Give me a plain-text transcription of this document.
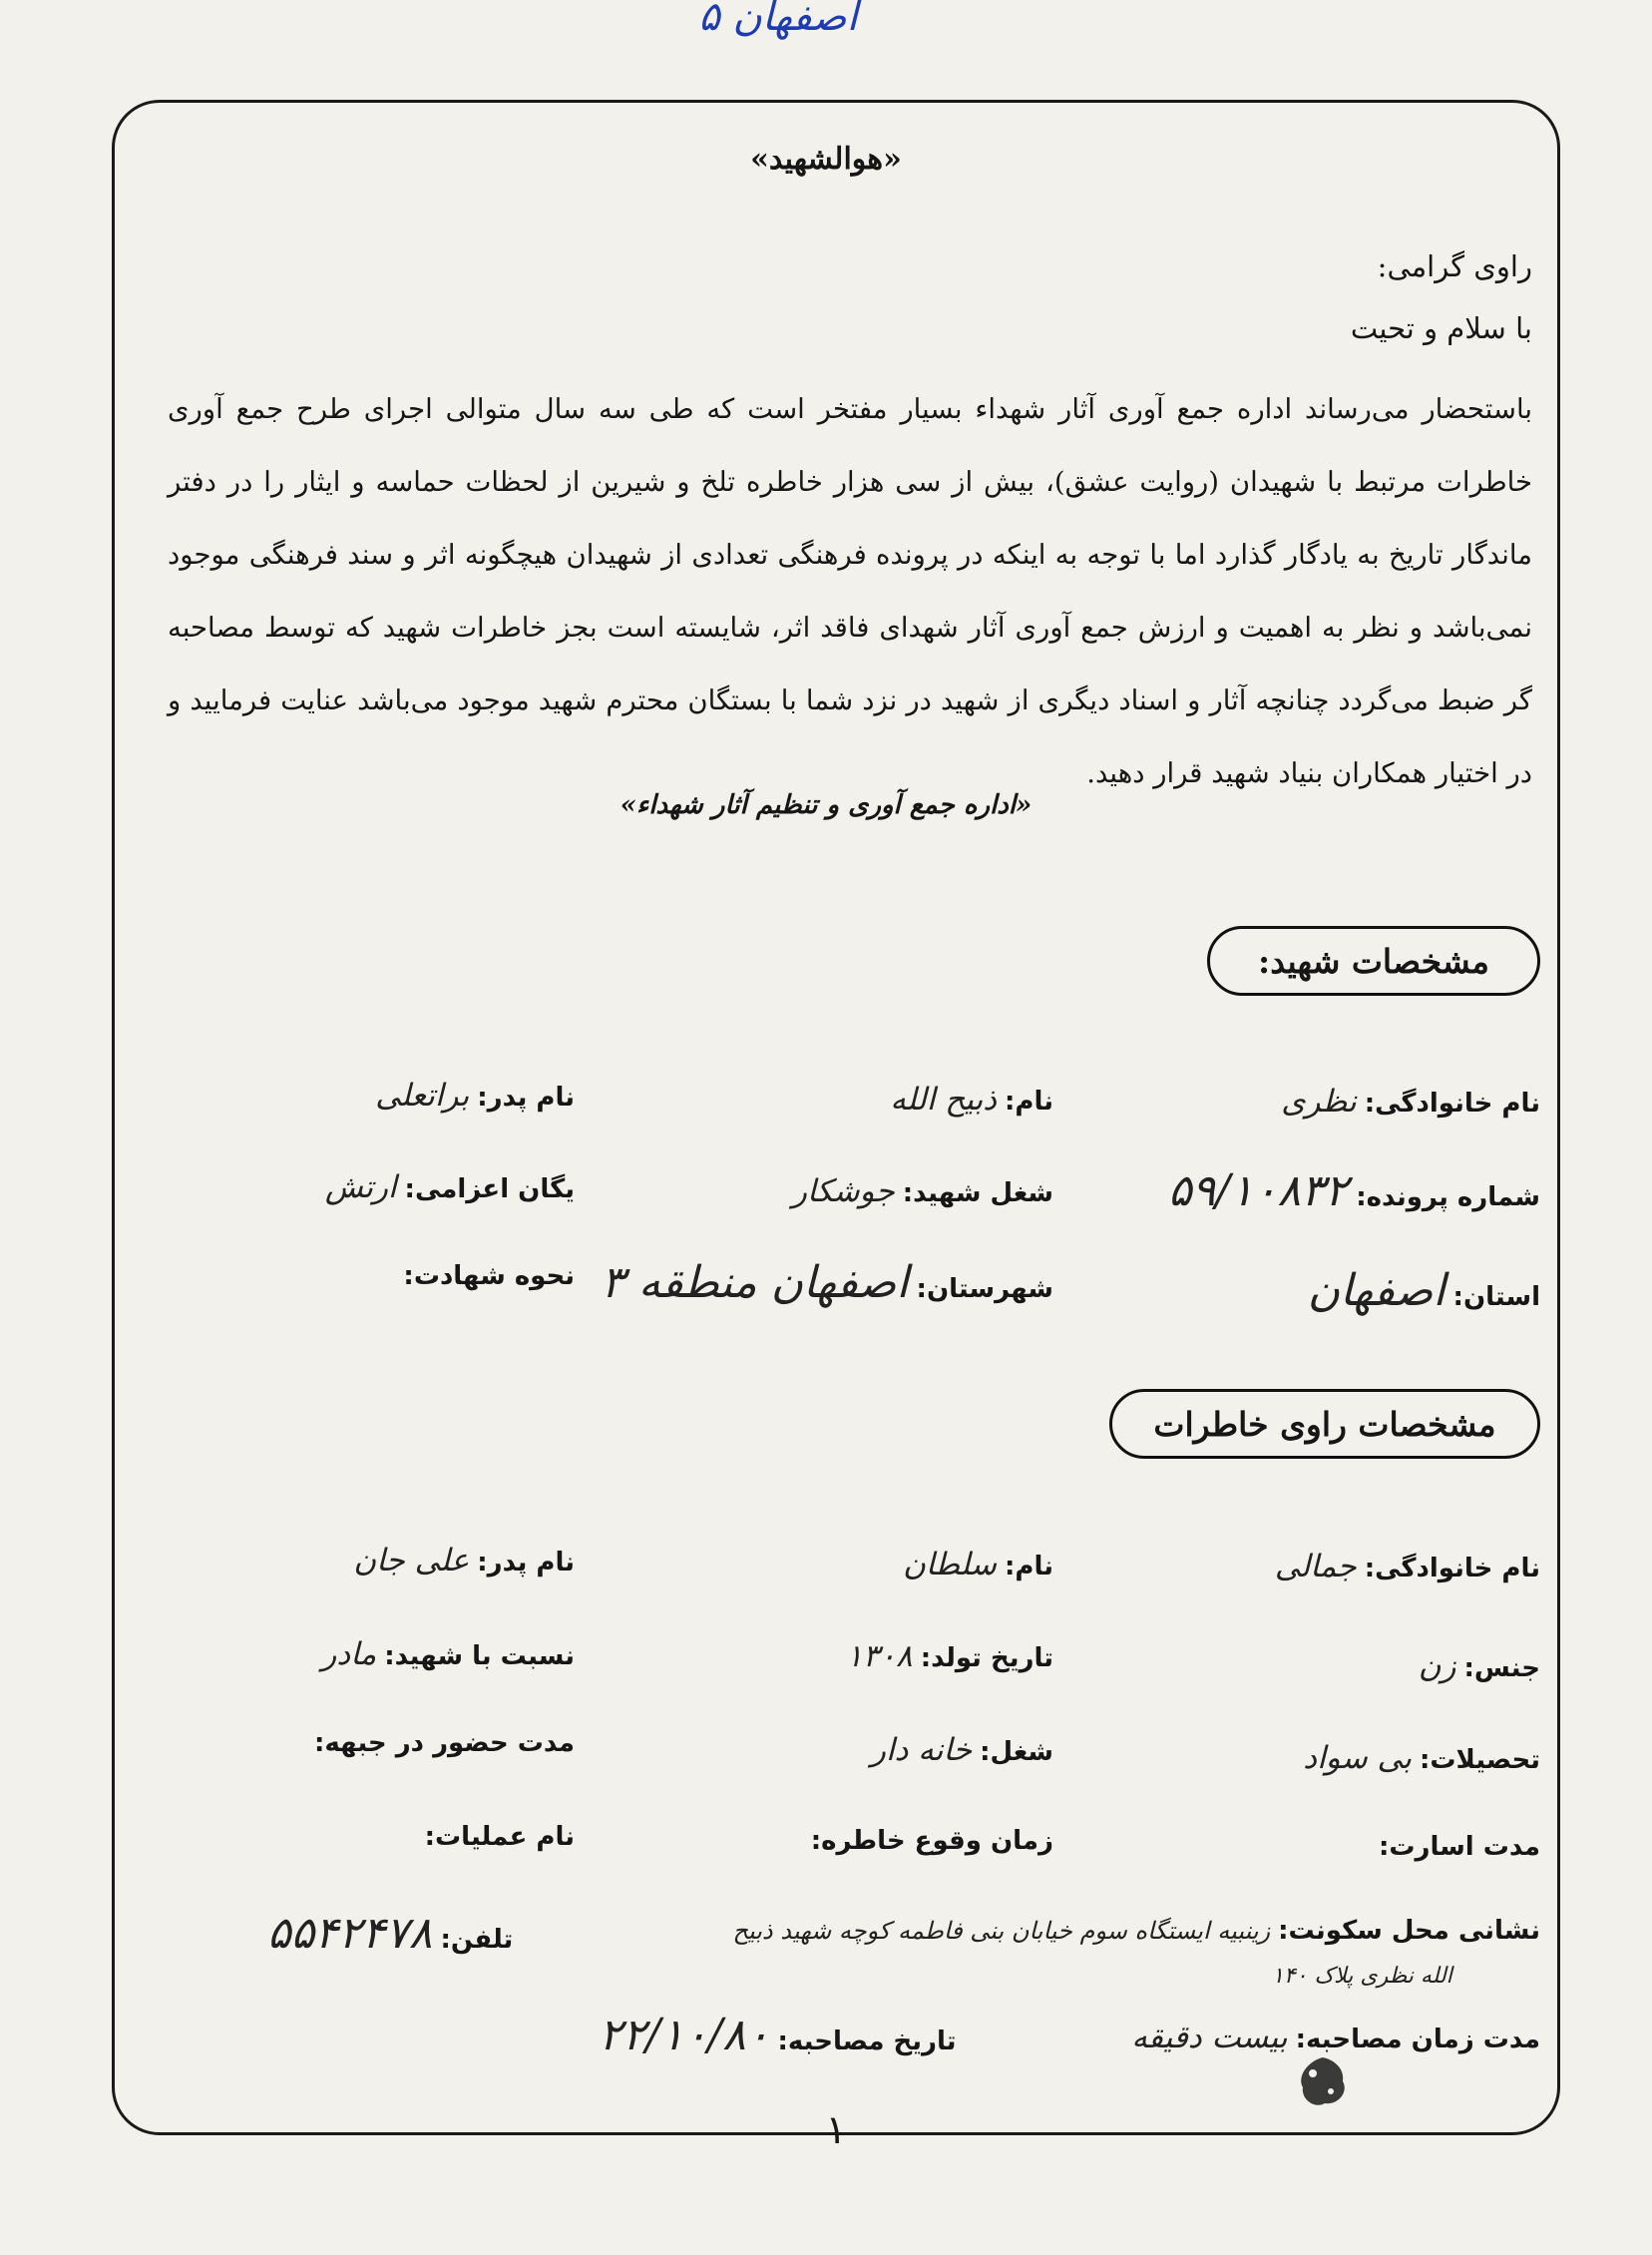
اصفهان ۵
«هوالشهید»
راوی گرامی:
با سلام و تحیت
باستحضار می‌رساند اداره جمع آوری آثار شهداء بسیار مفتخر است که طی سه سال متوالی اجرای طرح جمع آوری خاطرات مرتبط با شهیدان (روایت عشق)، بیش از سی هزار خاطره تلخ و شیرین از لحظات حماسه و ایثار را در دفتر ماندگار تاریخ به یادگار گذارد اما با توجه به اینکه در پرونده فرهنگی تعدادی از شهیدان هیچگونه اثر و سند فرهنگی موجود نمی‌باشد و نظر به اهمیت و ارزش جمع آوری آثار شهدای فاقد اثر، شایسته است بجز خاطرات شهید که توسط مصاحبه گر ضبط می‌گردد چنانچه آثار و اسناد دیگری از شهید در نزد شما با بستگان محترم شهید موجود می‌باشد عنایت فرمایید و در اختیار همکاران بنیاد شهید قرار دهید.
«اداره جمع آوری و تنظیم آثار شهداء»
مشخصات شهید:
نام خانوادگی:
نظری
نام:
ذبیح الله
نام پدر:
براتعلی
شماره پرونده:
۵۹/۱۰۸۳۲
شغل شهید:
جوشکار
یگان اعزامی:
ارتش
استان:
اصفهان
شهرستان:
اصفهان منطقه ۳
نحوه شهادت:
مشخصات راوی خاطرات
نام خانوادگی:
جمالی
نام:
سلطان
نام پدر:
علی جان
جنس:
زن
تاریخ تولد:
۱۳۰۸
نسبت با شهید:
مادر
تحصیلات:
بی سواد
شغل:
خانه دار
مدت حضور در جبهه:
مدت اسارت:
زمان وقوع خاطره:
نام عملیات:
نشانی محل سکونت:
زینبیه ایستگاه سوم خیابان بنی فاطمه کوچه شهید ذبیح
تلفن:
۵۵۴۲۴۷۸
الله نظری پلاک ۱۴۰
مدت زمان مصاحبه:
بیست دقیقه
تاریخ مصاحبه:
۲۲/۱۰/۸۰
۱
